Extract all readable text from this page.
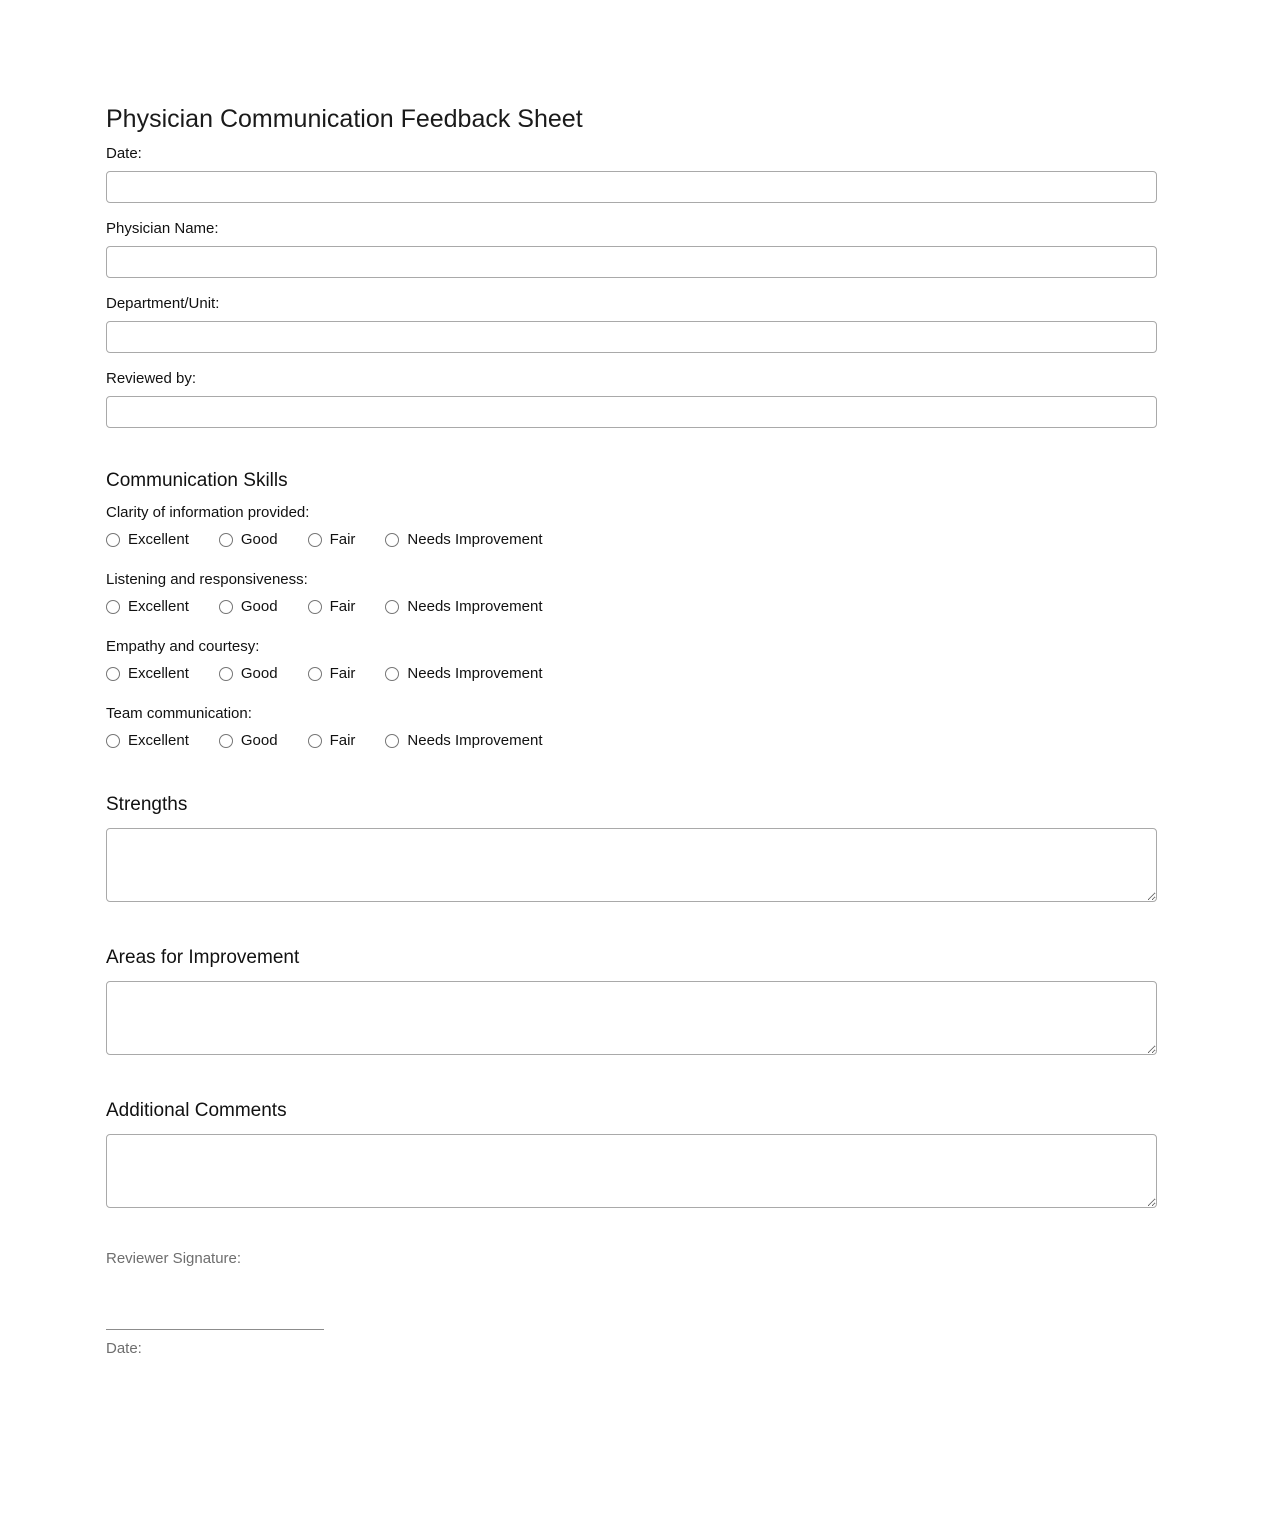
Physician Communication Feedback Sheet
Date:
Physician Name:
Department/Unit:
Reviewed by:
Communication Skills
Clarity of information provided:
Excellent	Good	Fair	Needs Improvement
Listening and responsiveness:
Excellent	Good	Fair	Needs Improvement
Empathy and courtesy:
Excellent	Good	Fair	Needs Improvement
Team communication:
Excellent	Good	Fair	Needs Improvement
Strengths
Areas for Improvement
Additional Comments
Reviewer Signature:
Date:
